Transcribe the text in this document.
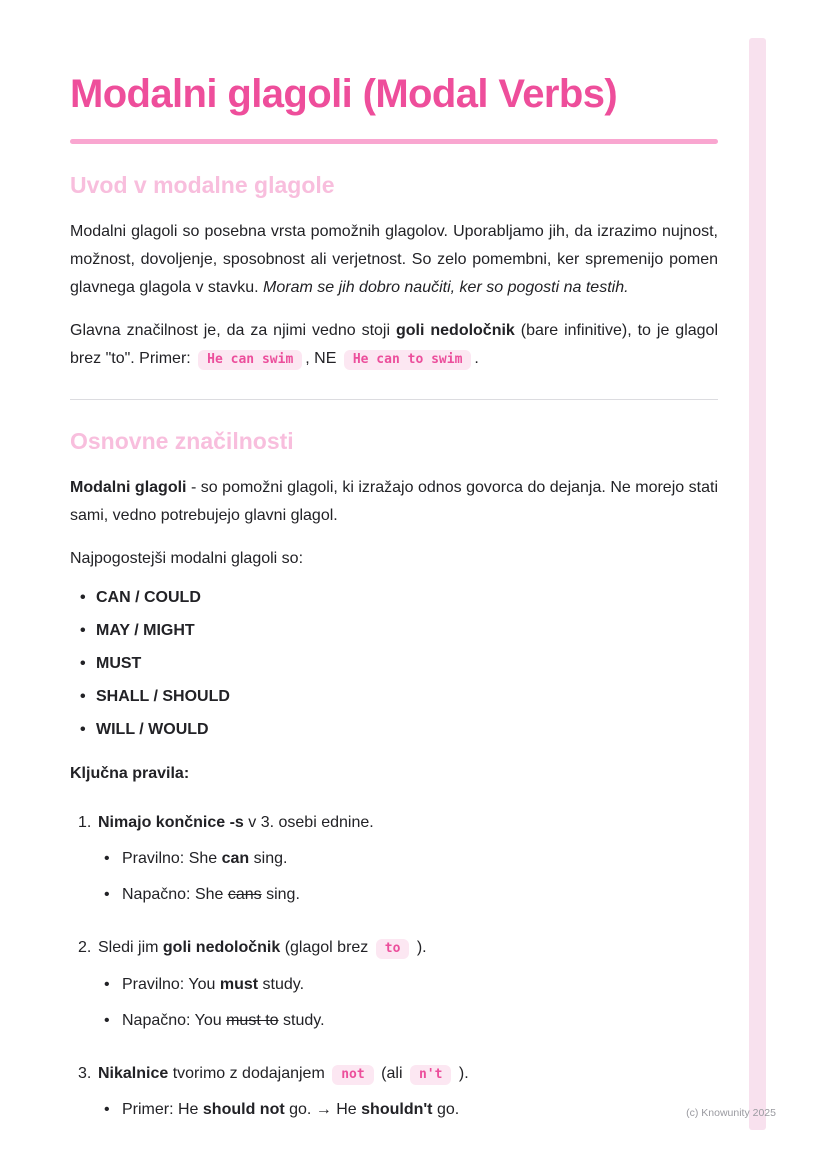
Modalni glagoli (Modal Verbs)
Uvod v modalne glagole

Modalni glagoli so posebna vrsta pomožnih glagolov. Uporabljamo jih, da izrazimo nujnost, možnost, dovoljenje, sposobnost ali verjetnost. So zelo pomembni, ker spremenijo pomen glavnega glagola v stavku. Moram se jih dobro naučiti, ker so pogosti na testih.

Glavna značilnost je, da za njimi vedno stoji goli nedoločnik (bare infinitive), to je glagol brez "to". Primer: He can swim , NE He can to swim .

Osnovne značilnosti

Modalni glagoli - so pomožni glagoli, ki izražajo odnos govorca do dejanja. Ne morejo stati sami, vedno potrebujejo glavni glagol.

Najpogostejši modalni glagoli so:

• CAN / COULD
• MAY / MIGHT
• MUST
• SHALL / SHOULD
• WILL / WOULD

Ključna pravila:

1. Nimajo končnice -s v 3. osebi ednine.
• Pravilno: She can sing.
• Napačno: She cans sing.
2. Sledi jim goli nedoločnik (glagol brez to ).
• Pravilno: You must study.
• Napačno: You must to study.
3. Nikalnice tvorimo z dodajanjem not (ali n't ).
• Primer: He should not go. → He shouldn't go.	(c) Knowunity 2025
